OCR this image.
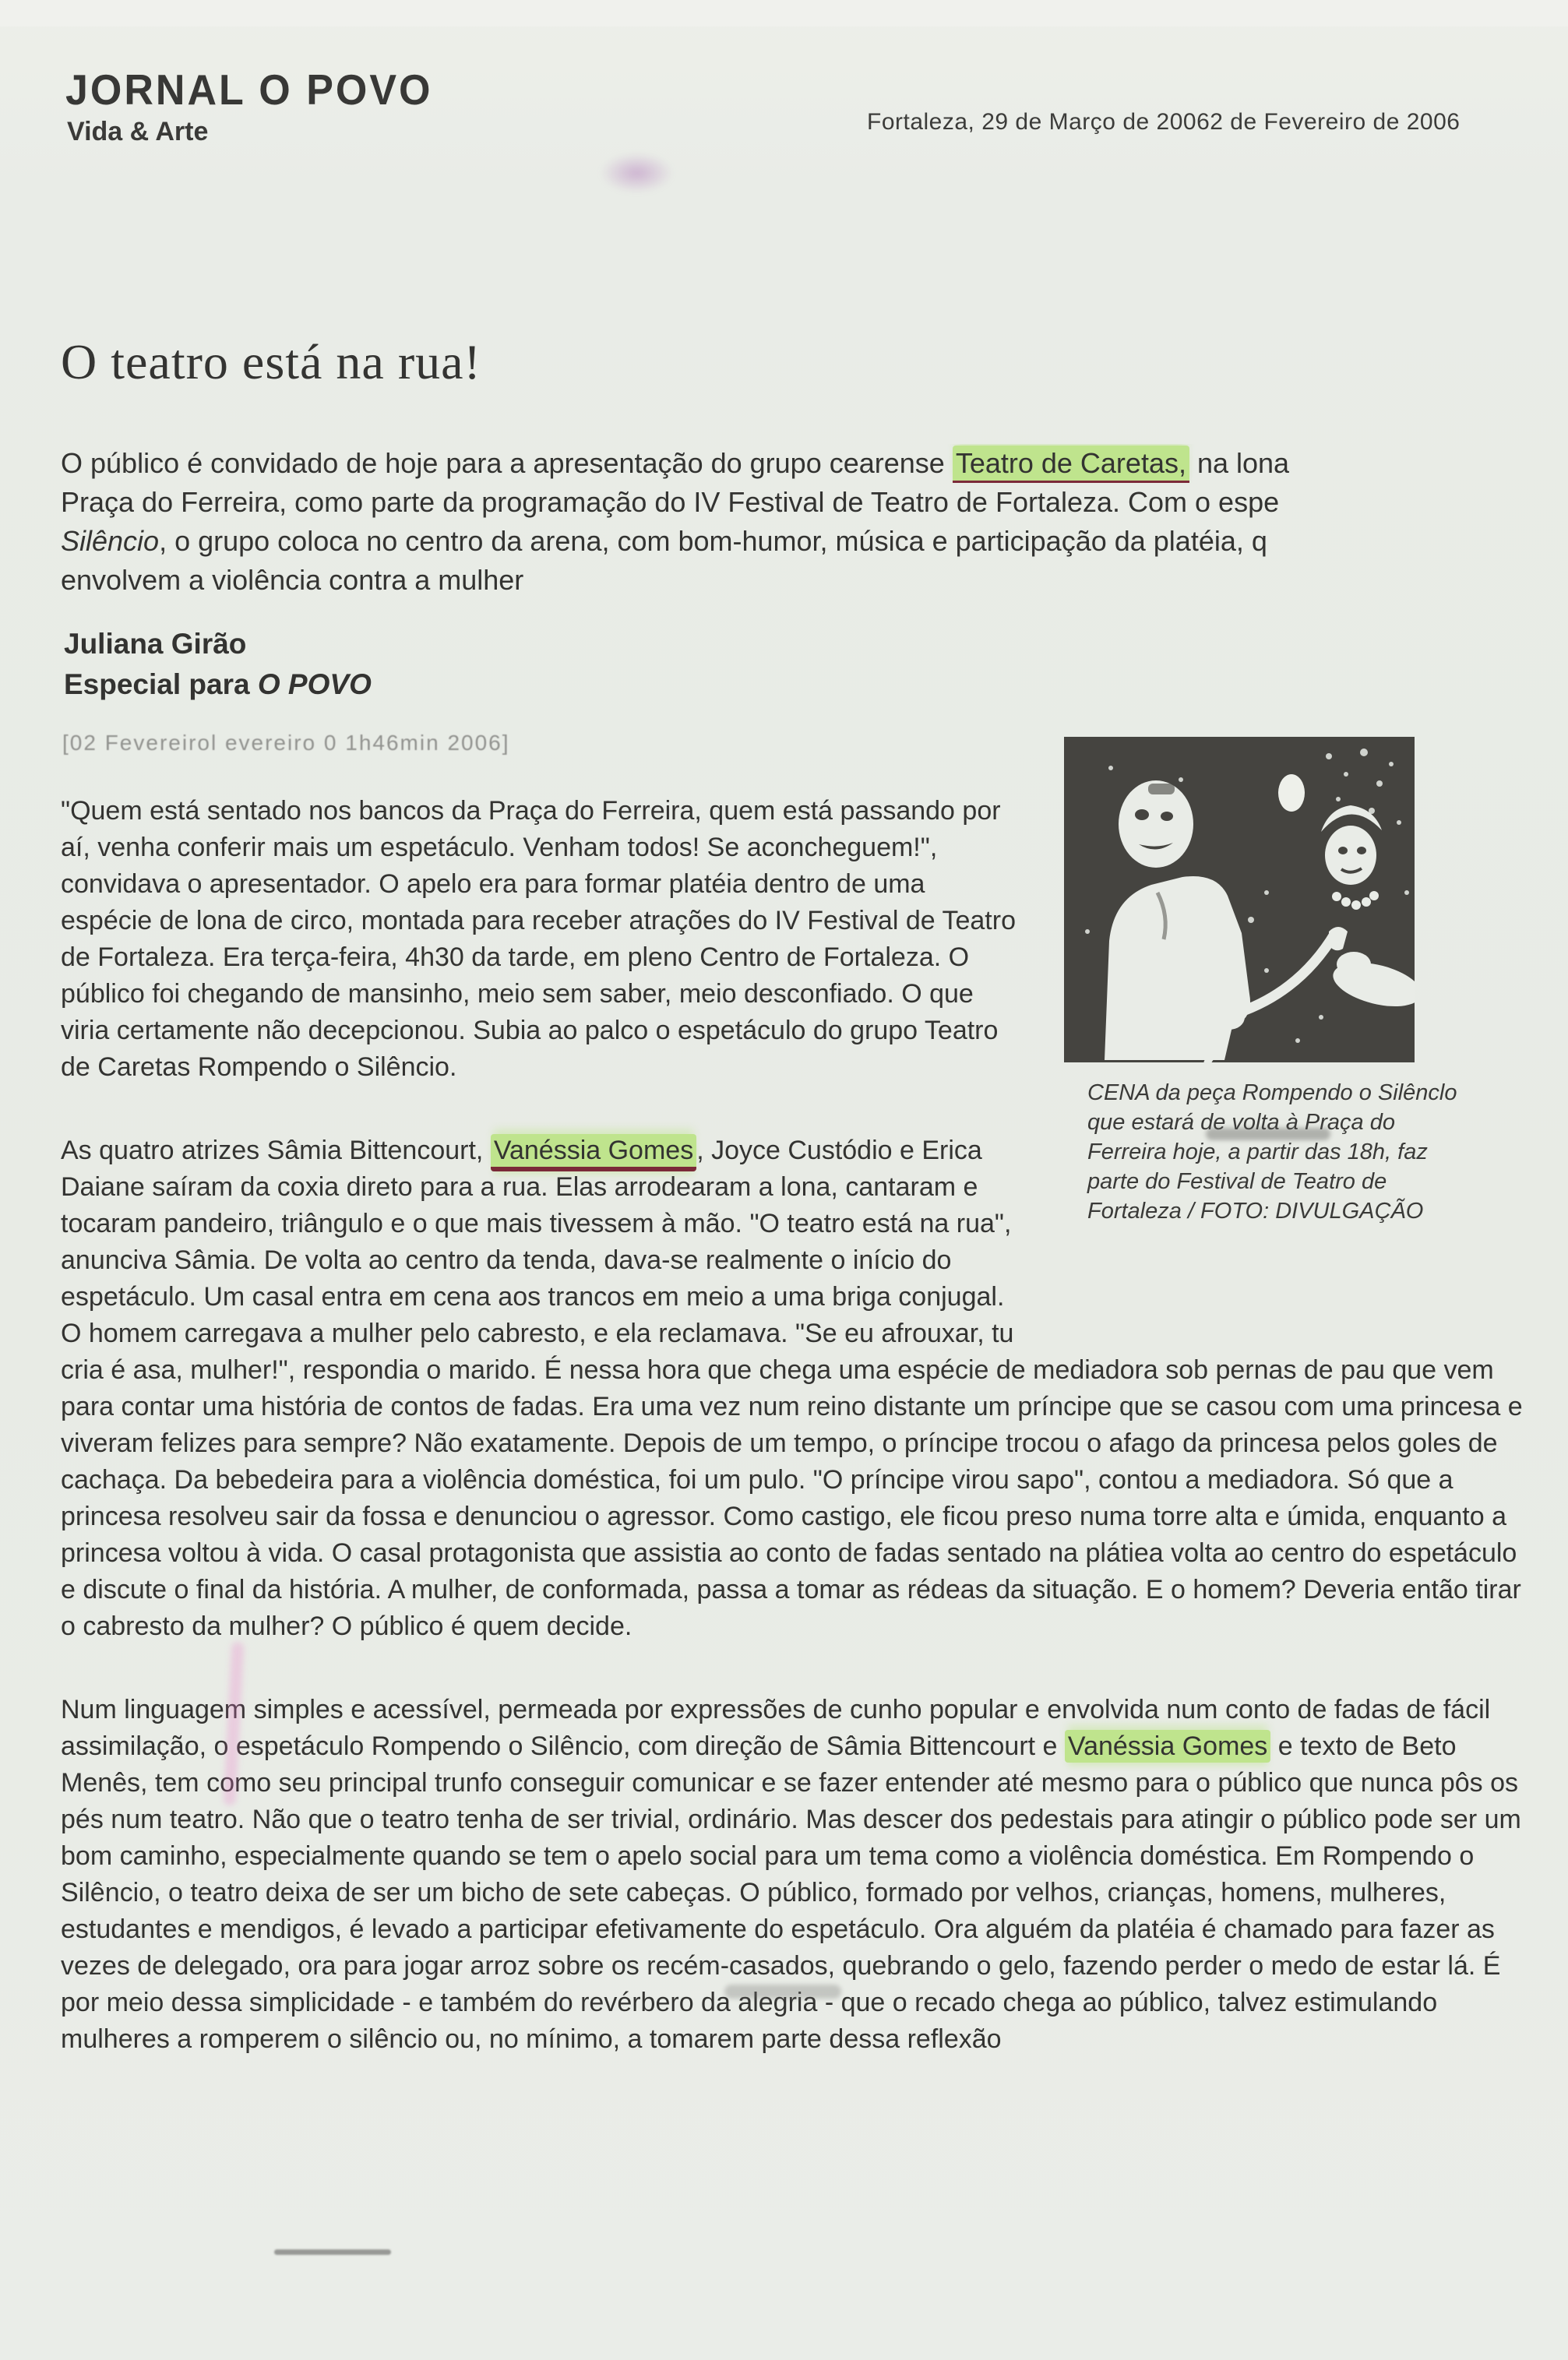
JORNAL O POVO
Vida & Arte	Fortaleza, 29 de Março de 20062 de Fevereiro de 2006
O teatro está na rua!
O público é convidado de hoje para a apresentação do grupo cearense Teatro de Caretas, na lona
Praça do Ferreira, como parte da programação do IV Festival de Teatro de Fortaleza. Com o espe
Silêncio, o grupo coloca no centro da arena, com bom-humor, música e participação da platéia, q
envolvem a violência contra a mulher
Juliana Girão
Especial para O POVO
[02 Fevereirol evereiro 0 1h46min 2006]
CENA da peça Rompendo o Silênclo que estará de volta à Praça do Ferreira hoje, a partir das 18h, faz parte do Festival de Teatro de Fortaleza / FOTO: DIVULGAÇÃO

"Quem está sentado nos bancos da Praça do Ferreira, quem está passando por aí, venha conferir mais um espetáculo. Venham todos! Se aconcheguem!", convidava o apresentador. O apelo era para formar platéia dentro de uma espécie de lona de circo, montada para receber atrações do IV Festival de Teatro de Fortaleza. Era terça-feira, 4h30 da tarde, em pleno Centro de Fortaleza. O público foi chegando de mansinho, meio sem saber, meio desconfiado. O que viria certamente não decepcionou. Subia ao palco o espetáculo do grupo Teatro de Caretas Rompendo o Silêncio.

As quatro atrizes Sâmia Bittencourt, Vanéssia Gomes , Joyce Custódio e Erica Daiane saíram da coxia direto para a rua. Elas arrodearam a lona, cantaram e tocaram pandeiro, triângulo e o que mais tivessem à mão. "O teatro está na rua", anunciva Sâmia. De volta ao centro da tenda, dava-se realmente o início do espetáculo. Um casal entra em cena aos trancos em meio a uma briga conjugal. O homem carregava a mulher pelo cabresto, e ela reclamava. "Se eu afrouxar, tu cria é asa, mulher!", respondia o marido. É nessa hora que chega uma espécie de mediadora sob pernas de pau que vem para contar uma história de contos de fadas. Era uma vez num reino distante um príncipe que se casou com uma princesa e viveram felizes para sempre? Não exatamente. Depois de um tempo, o príncipe trocou o afago da princesa pelos goles de cachaça. Da bebedeira para a violência doméstica, foi um pulo. "O príncipe virou sapo", contou a mediadora. Só que a princesa resolveu sair da fossa e denunciou o agressor. Como castigo, ele ficou preso numa torre alta e úmida, enquanto a princesa voltou à vida. O casal protagonista que assistia ao conto de fadas sentado na plátiea volta ao centro do espetáculo e discute o final da história. A mulher, de conformada, passa a tomar as rédeas da situação. E o homem? Deveria então tirar o cabresto da mulher? O público é quem decide.

Num linguagem simples e acessível, permeada por expressões de cunho popular e envolvida num conto de fadas de fácil assimilação, o espetáculo Rompendo o Silêncio, com direção de Sâmia Bittencourt e Vanéssia Gomes e texto de Beto Menês, tem como seu principal trunfo conseguir comunicar e se fazer entender até mesmo para o público que nunca pôs os pés num teatro. Não que o teatro tenha de ser trivial, ordinário. Mas descer dos pedestais para atingir o público pode ser um bom caminho, especialmente quando se tem o apelo social para um tema como a violência doméstica. Em Rompendo o Silêncio, o teatro deixa de ser um bicho de sete cabeças. O público, formado por velhos, crianças, homens, mulheres, estudantes e mendigos, é levado a participar efetivamente do espetáculo. Ora alguém da platéia é chamado para fazer as vezes de delegado, ora para jogar arroz sobre os recém-casados, quebrando o gelo, fazendo perder o medo de estar lá. É por meio dessa simplicidade - e também do revérbero da alegria - que o recado chega ao público, talvez estimulando mulheres a romperem o silêncio ou, no mínimo, a tomarem parte dessa reflexão
